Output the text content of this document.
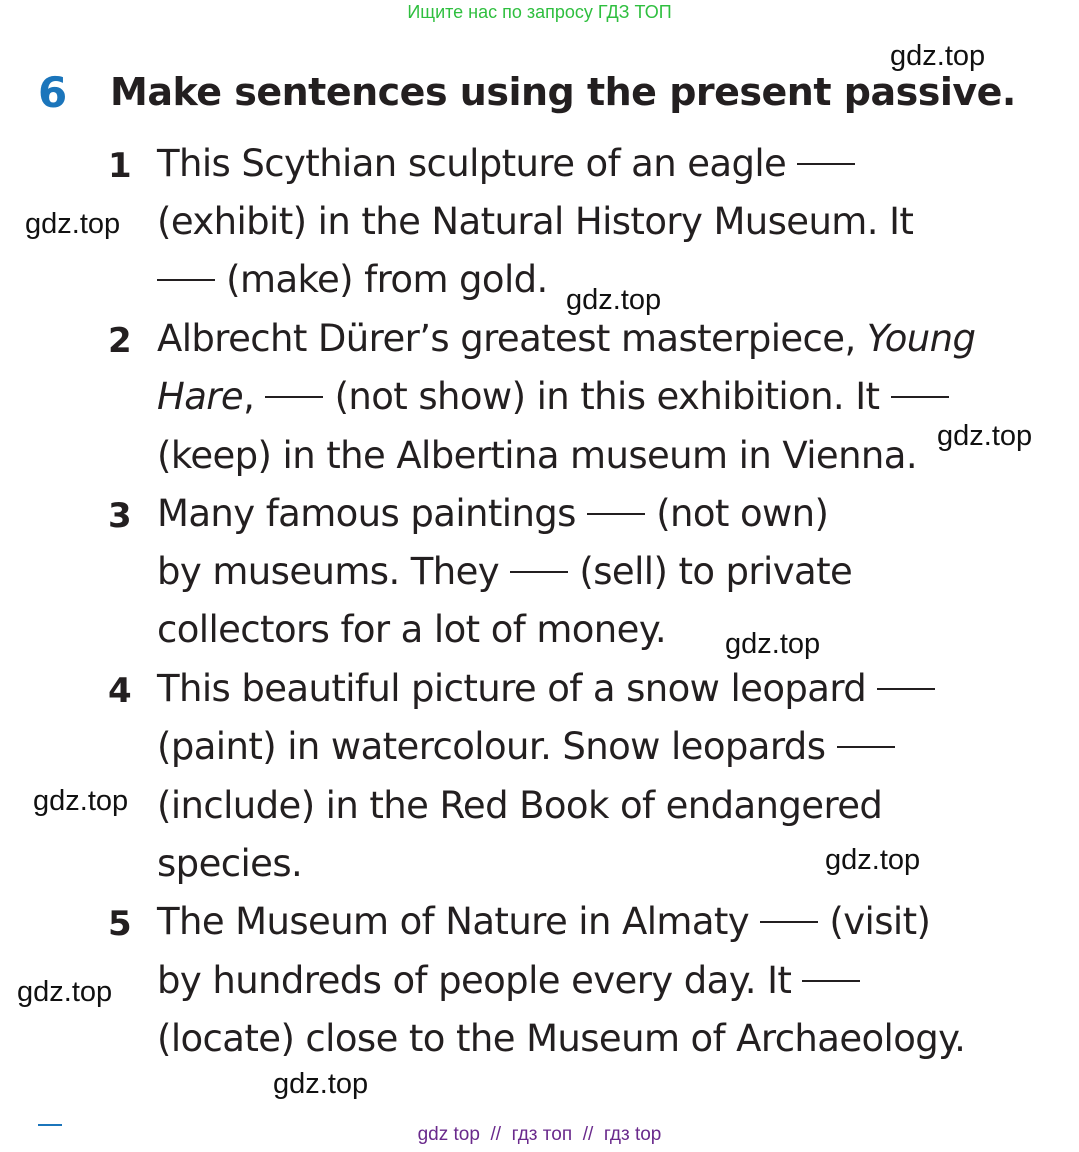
Ищите нас по запросу ГДЗ ТОП
6 Make sentences using the present passive.
1 This Scythian sculpture of an eagle
(exhibit) in the Natural History Museum. It
(make) from gold.
2 Albrecht Dürer’s greatest masterpiece, Young
Hare,  (not show) in this exhibition. It
(keep) in the Albertina museum in Vienna.
3 Many famous paintings  (not own)
by museums. They  (sell) to private
collectors for a lot of money.
4 This beautiful picture of a snow leopard
(paint) in watercolour. Snow leopards
(include) in the Red Book of endangered
species.
5 The Museum of Nature in Almaty  (visit)
by hundreds of people every day. It
(locate) close to the Museum of Archaeology.
gdz.top
gdz.top
gdz.top
gdz.top
gdz.top
gdz.top
gdz.top
gdz.top
gdz.top
gdz top // гдз топ // гдз top
